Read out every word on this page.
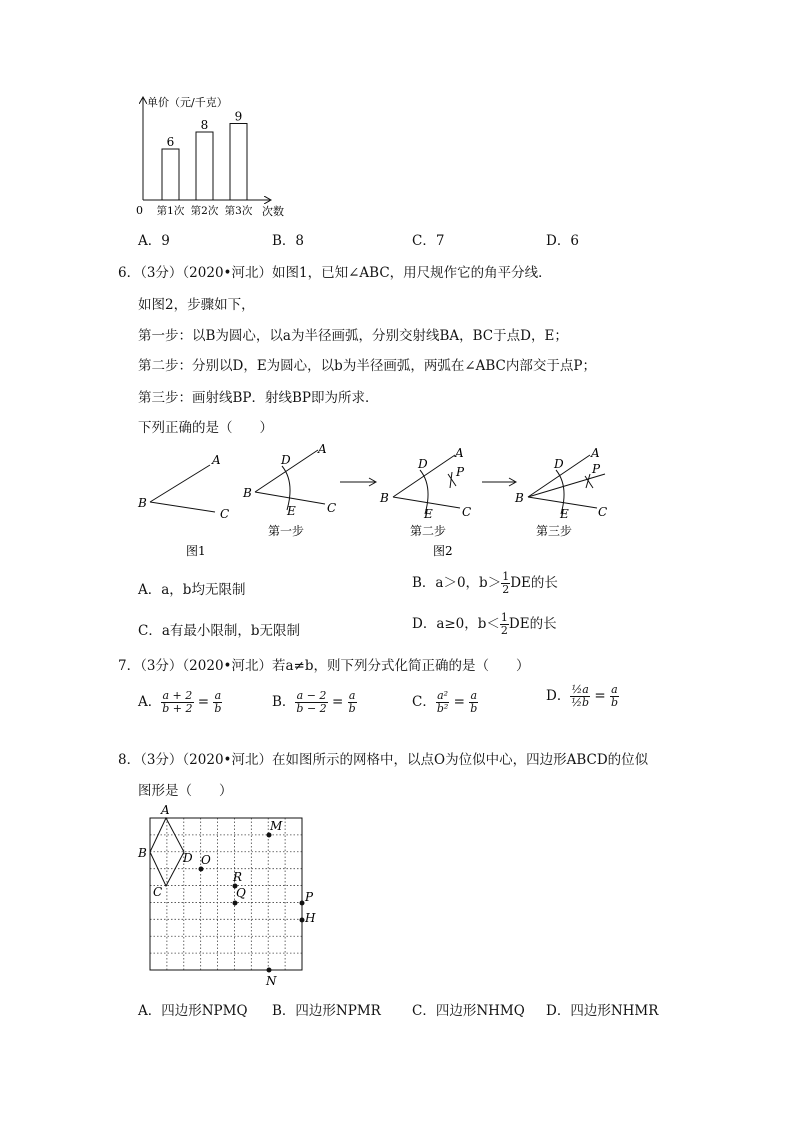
单价（元/千克）
0	次数
6
第1次
8
第2次
9
第3次
A．9	B．8	C．7	D．6
6．（3分）（2020•河北）如图1，已知∠ABC，用尺规作它的角平分线．
如图2，步骤如下，
第一步：以B为圆心，以a为半径画弧，分别交射线BA，BC于点D，E；
第二步：分别以D，E为圆心，以b为半径画弧，两弧在∠ABC内部交于点P；
第三步：画射线BP．射线BP即为所求．
下列正确的是（　　）
A
B
C
A
B
C
D
E
第一步
A
B
C
D
E
P
第二步
A
B
C
D
E
P
第三步
图1	图2
A．a，b均无限制	B．a＞0，$b> \frac{1}{2}$ DE的长
C．a有最小限制，b无限制	D．a≥0，$b< \frac{1}{2}$ DE的长
7．（3分）（2020•河北）若a≠b，则下列分式化简正确的是（　　）
A． $\frac{a + 2}{b + 2} = \frac{a}{b}$	B． $\frac{a - 2}{b - 2} = \frac{a}{b}$	C． $\frac{\text{a²}}{\text{b²}} = \frac{a}{b}$	D． $\frac{\text{½a}}{\text{½b}} = \frac{a}{b}$
8．（3分）（2020•河北）在如图所示的网格中，以点O为位似中心，四边形ABCD的位似
图形是（　　）
A
B
C
D O
M
R
Q	P
H
N
A．四边形NPMQ B．四边形NPMR C．四边形NHMQ D．四边形NHMR
